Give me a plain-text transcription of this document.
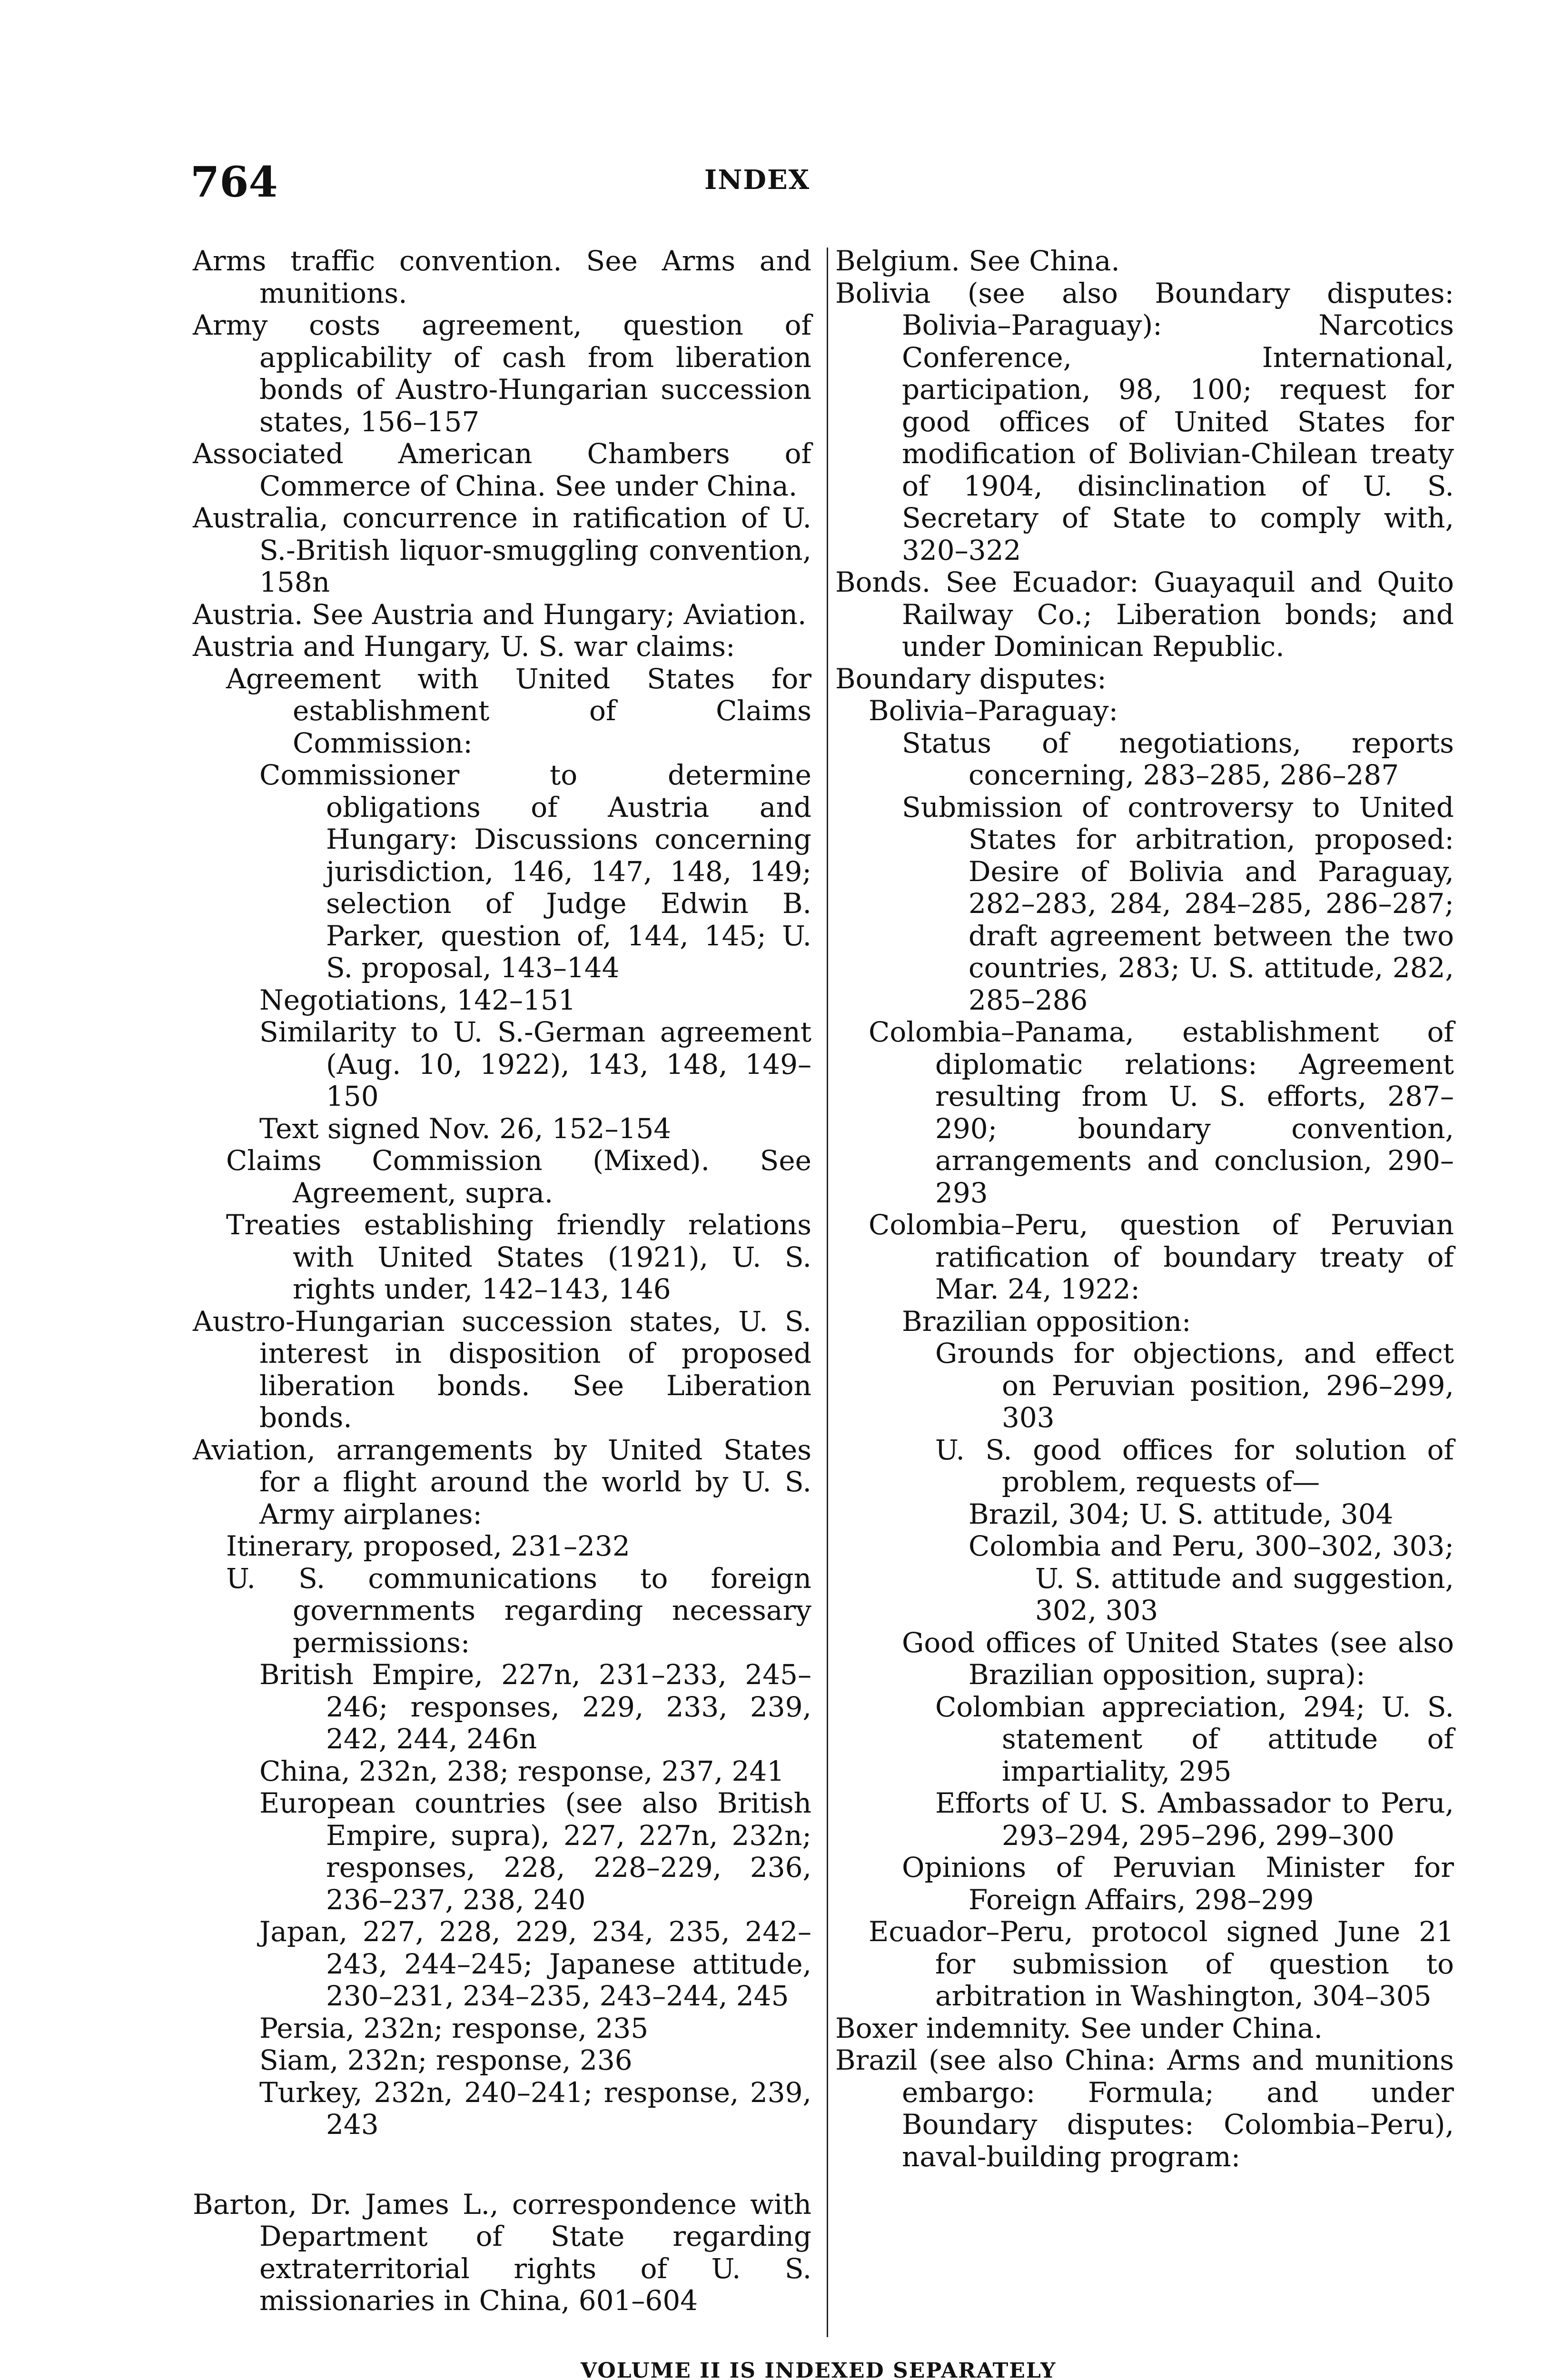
764	INDEX

Arms traffic convention. See Arms and munitions.

Army costs agreement, question of applicability of cash from liberation bonds of Austro-Hungarian succession states, 156–157

Associated American Chambers of Commerce of China. See under China.

Australia, concurrence in ratification of U. S.-British liquor-smuggling convention, 158n

Austria. See Austria and Hungary; Aviation.

Austria and Hungary, U. S. war claims:

Agreement with United States for establishment of Claims Commission:

Commissioner to determine obligations of Austria and Hungary: Discussions concerning jurisdiction, 146, 147, 148, 149; selection of Judge Edwin B. Parker, question of, 144, 145; U. S. proposal, 143–144

Negotiations, 142–151

Similarity to U. S.-German agreement (Aug. 10, 1922), 143, 148, 149–150

Text signed Nov. 26, 152–154

Claims Commission (Mixed). See Agreement, supra.

Treaties establishing friendly relations with United States (1921), U. S. rights under, 142–143, 146

Austro-Hungarian succession states, U. S. interest in disposition of proposed liberation bonds. See Liberation bonds.

Aviation, arrangements by United States for a flight around the world by U. S. Army airplanes:

Itinerary, proposed, 231–232

U. S. communications to foreign governments regarding necessary permissions:

British Empire, 227n, 231–233, 245–246; responses, 229, 233, 239, 242, 244, 246n

China, 232n, 238; response, 237, 241

European countries (see also British Empire, supra), 227, 227n, 232n; responses, 228, 228–229, 236, 236–237, 238, 240

Japan, 227, 228, 229, 234, 235, 242–243, 244–245; Japanese attitude, 230–231, 234–235, 243–244, 245

Persia, 232n; response, 235

Siam, 232n; response, 236

Turkey, 232n, 240–241; response, 239, 243

Barton, Dr. James L., correspondence with Department of State regarding extraterritorial rights of U. S. missionaries in China, 601–604

Belgium. See China.

Bolivia (see also Boundary disputes: Bolivia–Paraguay): Narcotics Conference, International, participation, 98, 100; request for good offices of United States for modification of Bolivian-Chilean treaty of 1904, disinclination of U. S. Secretary of State to comply with, 320–322

Bonds. See Ecuador: Guayaquil and Quito Railway Co.; Liberation bonds; and under Dominican Republic.

Boundary disputes:

Bolivia–Paraguay:

Status of negotiations, reports concerning, 283–285, 286–287

Submission of controversy to United States for arbitration, proposed: Desire of Bolivia and Paraguay, 282–283, 284, 284–285, 286–287; draft agreement between the two countries, 283; U. S. attitude, 282, 285–286

Colombia–Panama, establishment of diplomatic relations: Agreement resulting from U. S. efforts, 287–290; boundary convention, arrangements and conclusion, 290–293

Colombia–Peru, question of Peruvian ratification of boundary treaty of Mar. 24, 1922:

Brazilian opposition:

Grounds for objections, and effect on Peruvian position, 296–299, 303

U. S. good offices for solution of problem, requests of—

Brazil, 304; U. S. attitude, 304

Colombia and Peru, 300–302, 303; U. S. attitude and suggestion, 302, 303

Good offices of United States (see also Brazilian opposition, supra):

Colombian appreciation, 294; U. S. statement of attitude of impartiality, 295

Efforts of U. S. Ambassador to Peru, 293–294, 295–296, 299–300

Opinions of Peruvian Minister for Foreign Affairs, 298–299

Ecuador–Peru, protocol signed June 21 for submission of question to arbitration in Washington, 304–305

Boxer indemnity. See under China.

Brazil (see also China: Arms and munitions embargo: Formula; and under Boundary disputes: Colombia–Peru), naval-building program:

VOLUME II IS INDEXED SEPARATELY
